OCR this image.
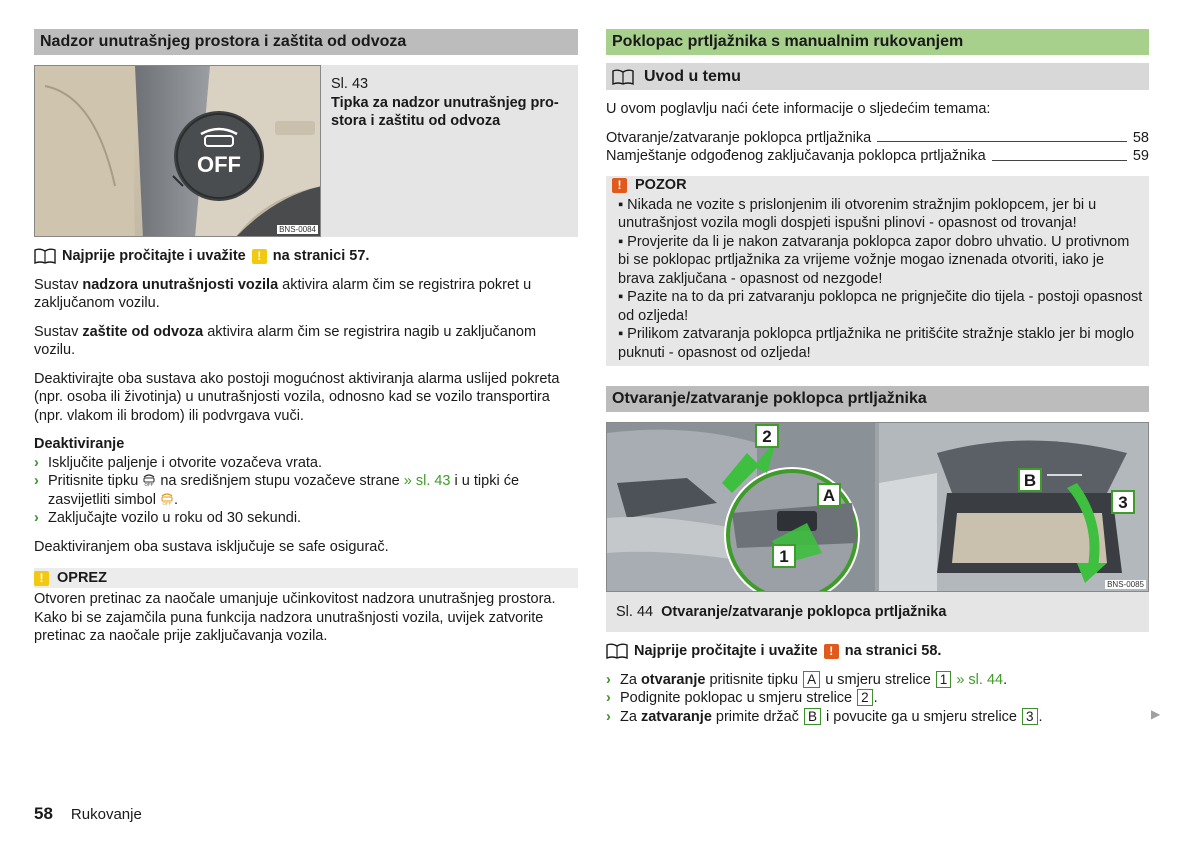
Nadzor unutrašnjeg prostora i zaštita od odvoza
OFF
BNS-0084
Sl. 43
Tipka za nadzor unutrašnjeg pro-
stora i zaštitu od odvoza
Najprije pročitajte i uvažite ! na stranici 57.

Sustav nadzora unutrašnjosti vozila aktivira alarm čim se registrira pokret u zaključanom vozilu.

Sustav zaštite od odvoza aktivira alarm čim se registrira nagib u zaključanom vozilu.

Deaktivirajte oba sustava ako postoji mogućnost aktiviranja alarma uslijed pokreta (npr. osoba ili životinja) u unutrašnjosti vozila, odnosno kad se vozilo transportira (npr. vlakom ili brodom) ili podvrgava vuči.

Deaktiviranje
› Isključite paljenje i otvorite vozačeva vrata.
› Pritisnite tipku OFF na središnjem stupu vozačeve strane » sl. 43 i u tipki će
zasvijetliti simbol OFF .
› Zaključajte vozilo u roku od 30 sekundi.

Deaktiviranjem oba sustava isključuje se safe osigurač.

! OPREZ
Otvoren pretinac za naočale umanjuje učinkovitost nadzora unutrašnjeg prostora. Kako bi se zajamčila puna funkcija nadzora unutrašnjosti vozila, uvijek zatvorite pretinac za naočale prije zaključavanja vozila.
Poklopac prtljažnika s manualnim rukovanjem
Uvod u temu

U ovom poglavlju naći ćete informacije o sljedećim temama:

Otvaranje/zatvaranje poklopca prtljažnika	58
Namještanje odgođenog zaključavanja poklopca prtljažnika	59
! POZOR
▪ Nikada ne vozite s prislonjenim ili otvorenim stražnjim poklopcem, jer bi u unutrašnjost vozila mogli dospjeti ispušni plinovi - opasnost od trovanja!
▪ Provjerite da li je nakon zatvaranja poklopca zapor dobro uhvatio. U protivnom bi se poklopac prtljažnika za vrijeme vožnje mogao iznenada otvoriti, iako je brava zaključana - opasnost od nezgode!
▪ Pazite na to da pri zatvaranju poklopca ne prignječite dio tijela - postoji opasnost od ozljeda!
▪ Prilikom zatvaranja poklopca prtljažnika ne pritišćite stražnje staklo jer bi moglo puknuti - opasnost od ozljeda!
Otvaranje/zatvaranje poklopca prtljažnika
2
A
1
B
3
BNS-0085
Sl. 44 Otvaranje/zatvaranje poklopca prtljažnika
Najprije pročitajte i uvažite ! na stranici 58.
› Za otvaranje pritisnite tipku A u smjeru strelice 1 » sl. 44.
› Podignite poklopac u smjeru strelice 2 .
› Za zatvaranje primite držač B i povucite ga u smjeru strelice 3 .	▶
58 Rukovanje
